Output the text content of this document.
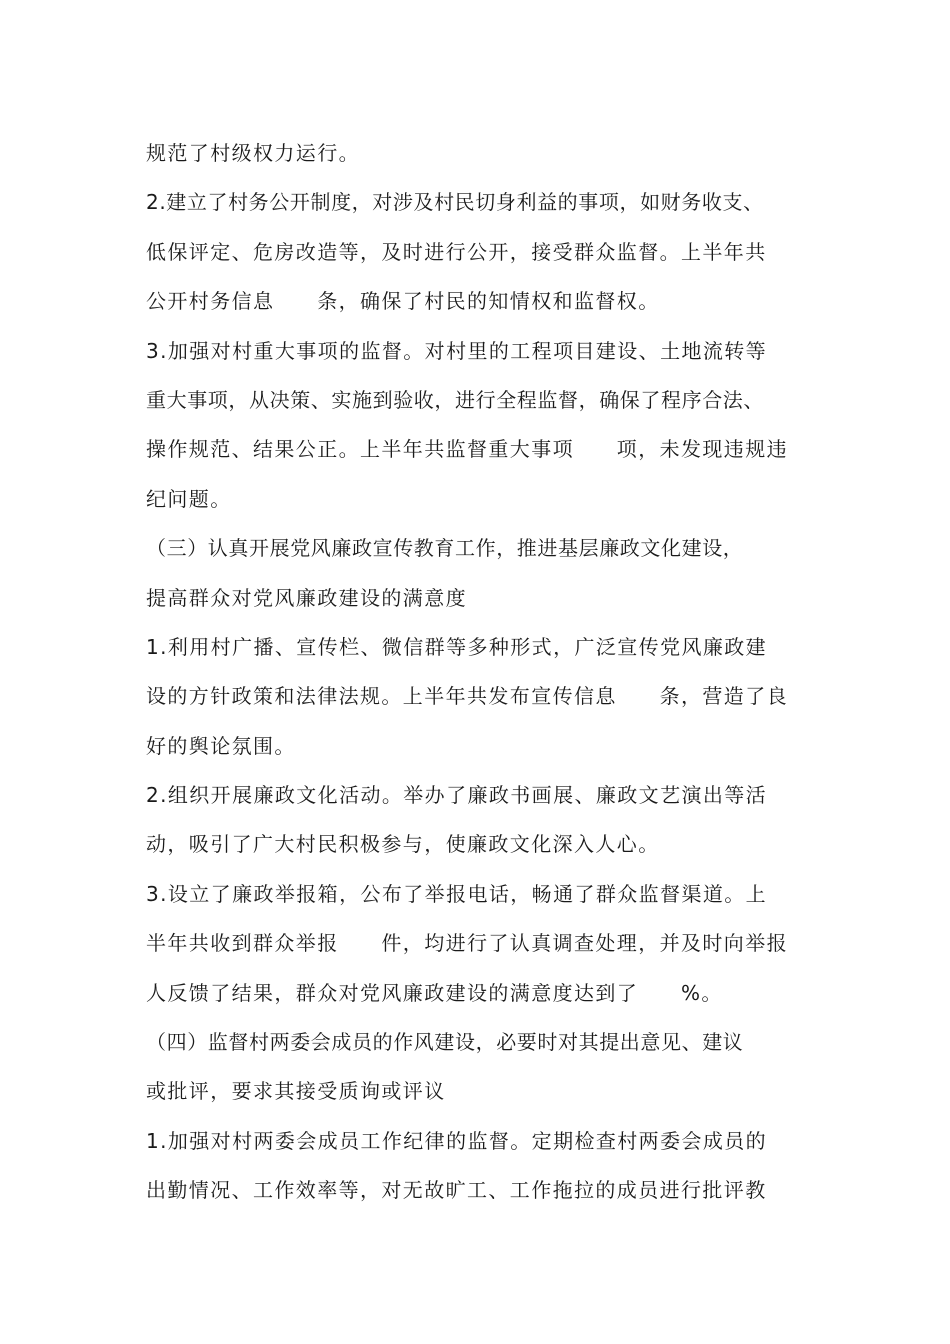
规范了村级权力运行。
2.建立了村务公开制度，对涉及村民切身利益的事项，如财务收支、
低保评定、危房改造等，及时进行公开，接受群众监督。上半年共
公开村务信息　　条，确保了村民的知情权和监督权。
3.加强对村重大事项的监督。对村里的工程项目建设、土地流转等
重大事项，从决策、实施到验收，进行全程监督，确保了程序合法、
操作规范、结果公正。上半年共监督重大事项　　项，未发现违规违
纪问题。
（三）认真开展党风廉政宣传教育工作，推进基层廉政文化建设，
提高群众对党风廉政建设的满意度
1.利用村广播、宣传栏、微信群等多种形式，广泛宣传党风廉政建
设的方针政策和法律法规。上半年共发布宣传信息　　条，营造了良
好的舆论氛围。
2.组织开展廉政文化活动。举办了廉政书画展、廉政文艺演出等活
动，吸引了广大村民积极参与，使廉政文化深入人心。
3.设立了廉政举报箱，公布了举报电话，畅通了群众监督渠道。上
半年共收到群众举报　　件，均进行了认真调查处理，并及时向举报
人反馈了结果，群众对党风廉政建设的满意度达到了　　%。
（四）监督村两委会成员的作风建设，必要时对其提出意见、建议
或批评，要求其接受质询或评议
1.加强对村两委会成员工作纪律的监督。定期检查村两委会成员的
出勤情况、工作效率等，对无故旷工、工作拖拉的成员进行批评教
